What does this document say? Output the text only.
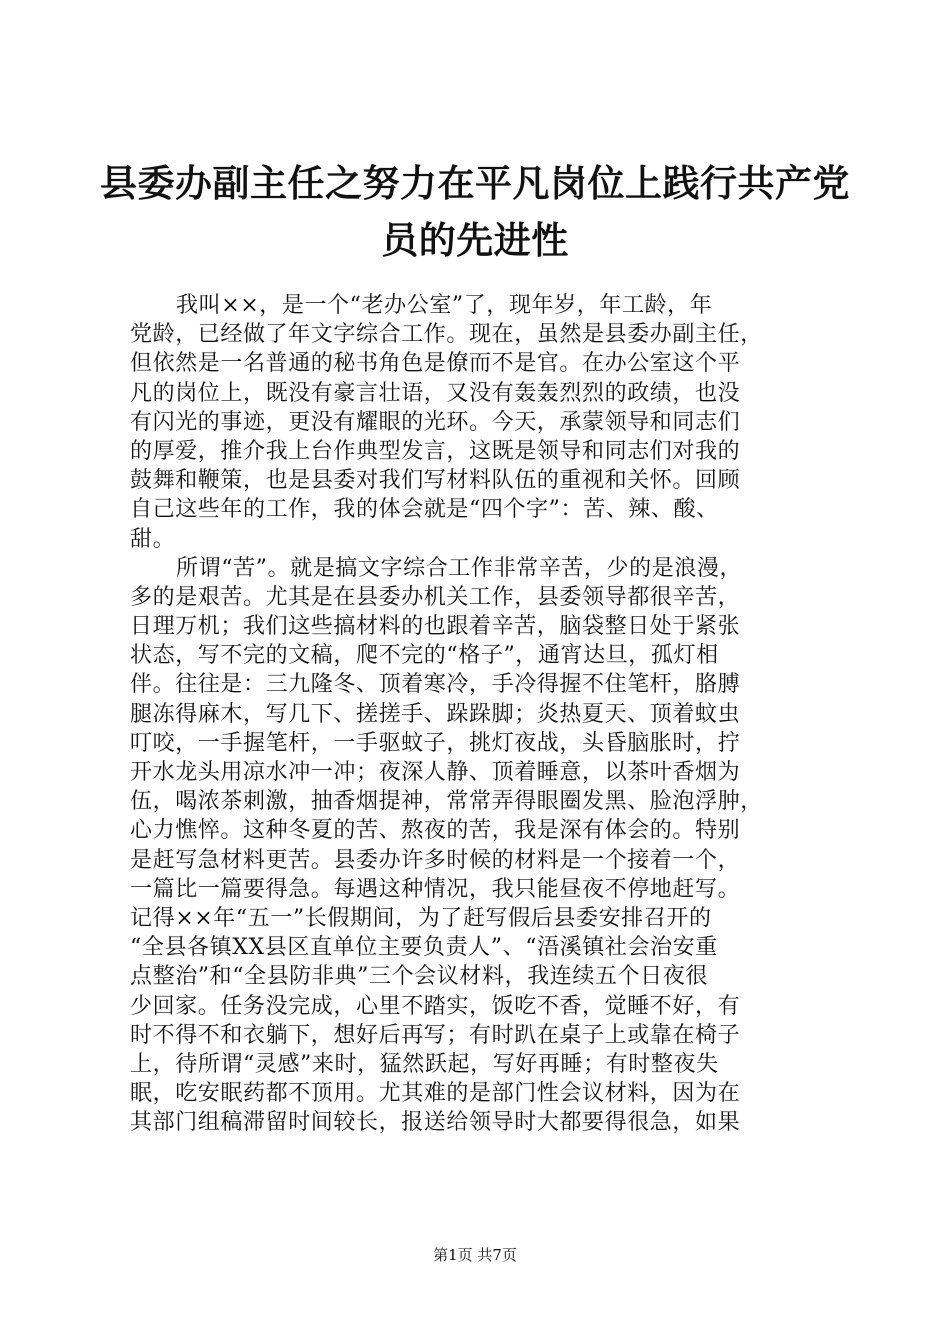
县委办副主任之努力在平凡岗位上践行共产党
员的先进性
我叫××，是一个“老办公室”了，现年岁，年工龄，年
党龄，已经做了年文字综合工作。现在，虽然是县委办副主任，
但依然是一名普通的秘书角色是僚而不是官。在办公室这个平
凡的岗位上，既没有豪言壮语，又没有轰轰烈烈的政绩，也没
有闪光的事迹，更没有耀眼的光环。今天，承蒙领导和同志们
的厚爱，推介我上台作典型发言，这既是领导和同志们对我的
鼓舞和鞭策，也是县委对我们写材料队伍的重视和关怀。回顾
自己这些年的工作，我的体会就是“四个字”：苦、辣、酸、
甜。
所谓“苦”。就是搞文字综合工作非常辛苦，少的是浪漫，
多的是艰苦。尤其是在县委办机关工作，县委领导都很辛苦，
日理万机；我们这些搞材料的也跟着辛苦，脑袋整日处于紧张
状态，写不完的文稿，爬不完的“格子”，通宵达旦，孤灯相
伴。往往是：三九隆冬、顶着寒冷，手冷得握不住笔杆，胳膊
腿冻得麻木，写几下、搓搓手、跺跺脚；炎热夏天、顶着蚊虫
叮咬，一手握笔杆，一手驱蚊子，挑灯夜战，头昏脑胀时，拧
开水龙头用凉水冲一冲；夜深人静、顶着睡意，以茶叶香烟为
伍，喝浓茶刺激，抽香烟提神，常常弄得眼圈发黑、脸泡浮肿，
心力憔悴。这种冬夏的苦、熬夜的苦，我是深有体会的。特别
是赶写急材料更苦。县委办许多时候的材料是一个接着一个，
一篇比一篇要得急。每遇这种情况，我只能昼夜不停地赶写。
记得××年“五一”长假期间，为了赶写假后县委安排召开的
“全县各镇XX县区直单位主要负责人”、“浯溪镇社会治安重
点整治”和“全县防非典”三个会议材料，我连续五个日夜很
少回家。任务没完成，心里不踏实，饭吃不香，觉睡不好，有
时不得不和衣躺下，想好后再写；有时趴在桌子上或靠在椅子
上，待所谓“灵感”来时，猛然跃起，写好再睡；有时整夜失
眠，吃安眠药都不顶用。尤其难的是部门性会议材料，因为在
其部门组稿滞留时间较长，报送给领导时大都要得很急，如果
第1页 共7页
